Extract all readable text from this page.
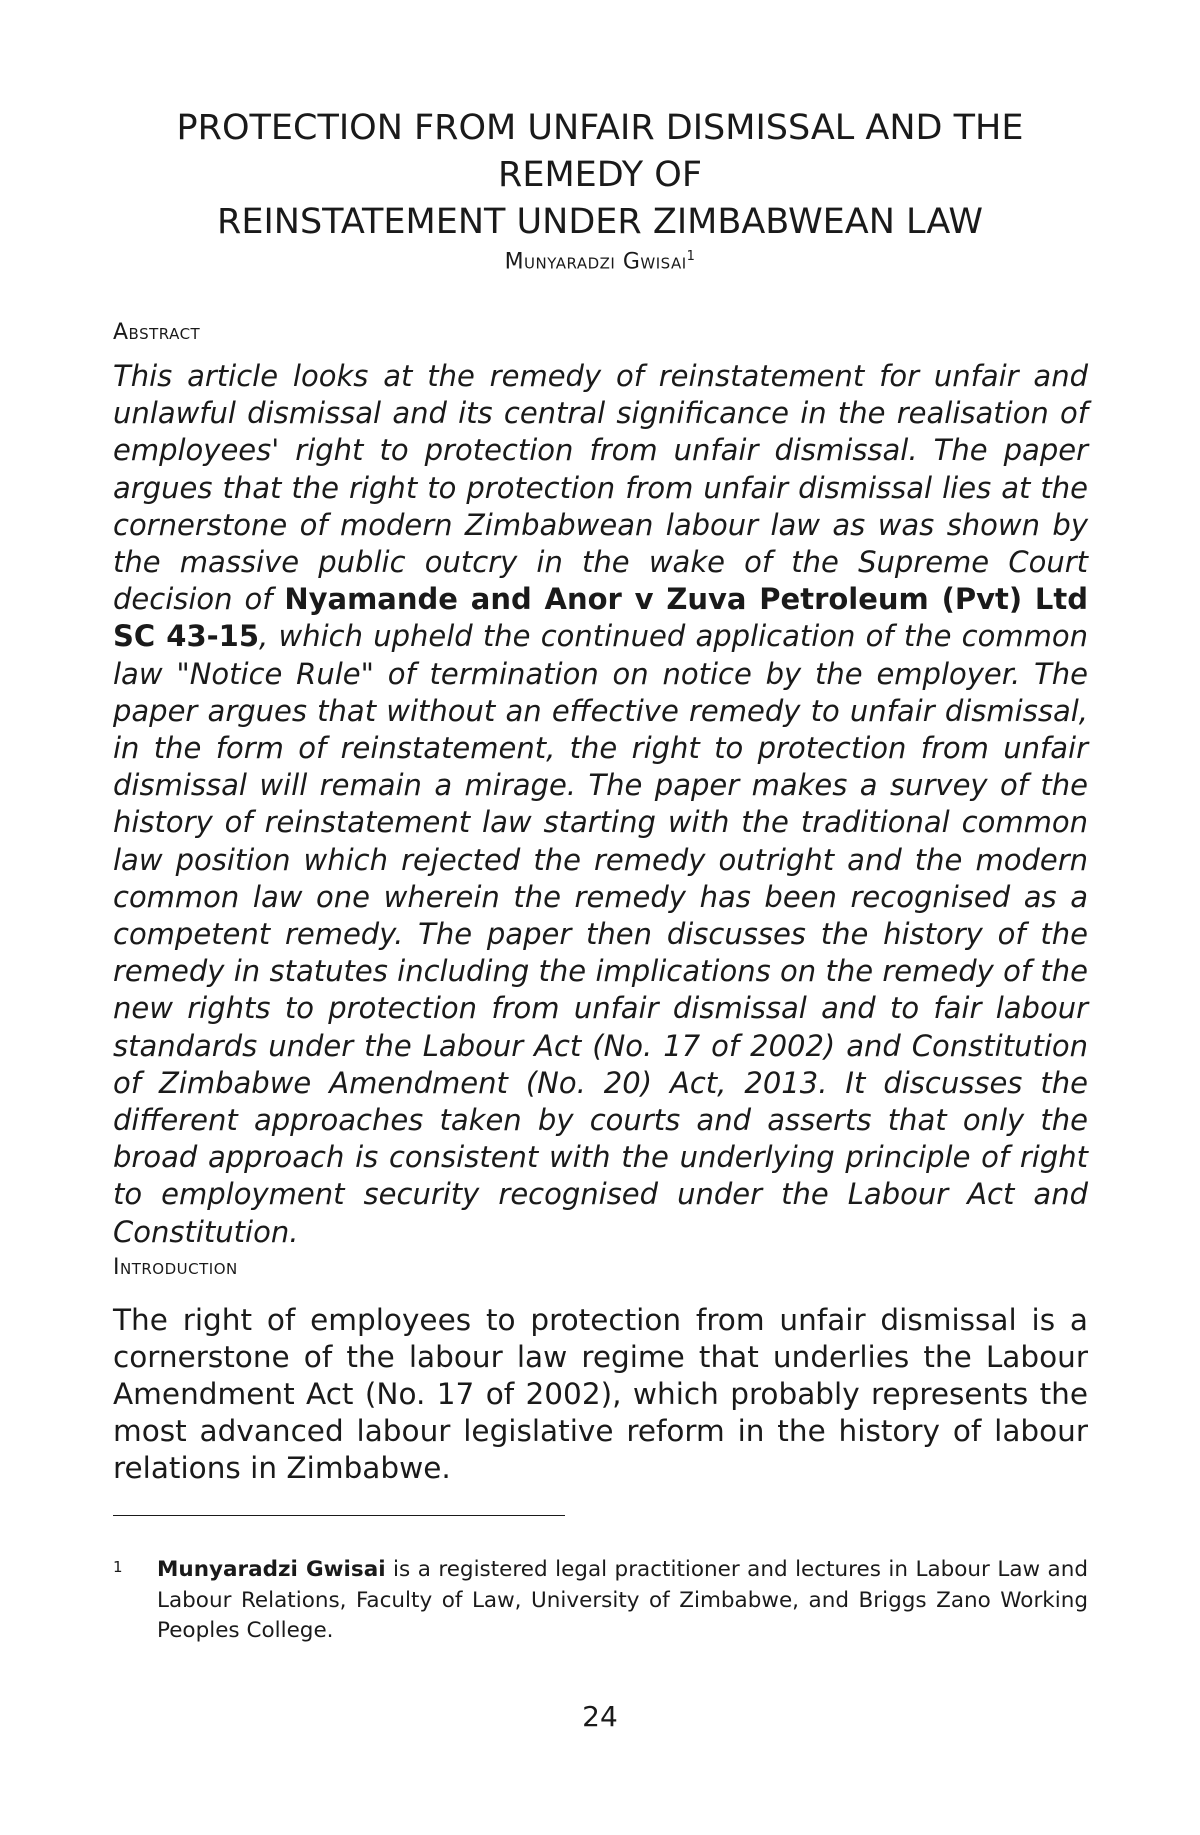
PROTECTION FROM UNFAIR DISMISSAL AND THE REMEDY OF
REINSTATEMENT UNDER ZIMBABWEAN LAW
Munyaradzi Gwisai$^1$
Abstract
This article looks at the remedy of reinstatement for unfair and unlawful dismissal and its central significance in the realisation of employees' right to protection from unfair dismissal. The paper argues that the right to protection from unfair dismissal lies at the cornerstone of modern Zimbabwean labour law as was shown by the massive public outcry in the wake of the Supreme Court decision of Nyamande and Anor v Zuva Petroleum (Pvt) Ltd SC 43-15, which upheld the continued application of the common law "Notice Rule" of termination on notice by the employer. The paper argues that without an effective remedy to unfair dismissal, in the form of reinstatement, the right to protection from unfair dismissal will remain a mirage. The paper makes a survey of the history of reinstatement law starting with the traditional common law position which rejected the remedy outright and the modern common law one wherein the remedy has been recognised as a competent remedy. The paper then discusses the history of the remedy in statutes including the implications on the remedy of the new rights to protection from unfair dismissal and to fair labour standards under the Labour Act (No. 17 of 2002) and Constitution of Zimbabwe Amendment (No. 20) Act, 2013. It discusses the different approaches taken by courts and asserts that only the broad approach is consistent with the underlying principle of right to employment security recognised under the Labour Act and Constitution.
Introduction
The right of employees to protection from unfair dismissal is a cornerstone of the labour law regime that underlies the Labour Amendment Act (No. 17 of 2002), which probably represents the most advanced labour legislative reform in the history of labour relations in Zimbabwe.
1 Munyaradzi Gwisai is a registered legal practitioner and lectures in Labour Law and Labour Relations, Faculty of Law, University of Zimbabwe, and Briggs Zano Working Peoples College.
24
